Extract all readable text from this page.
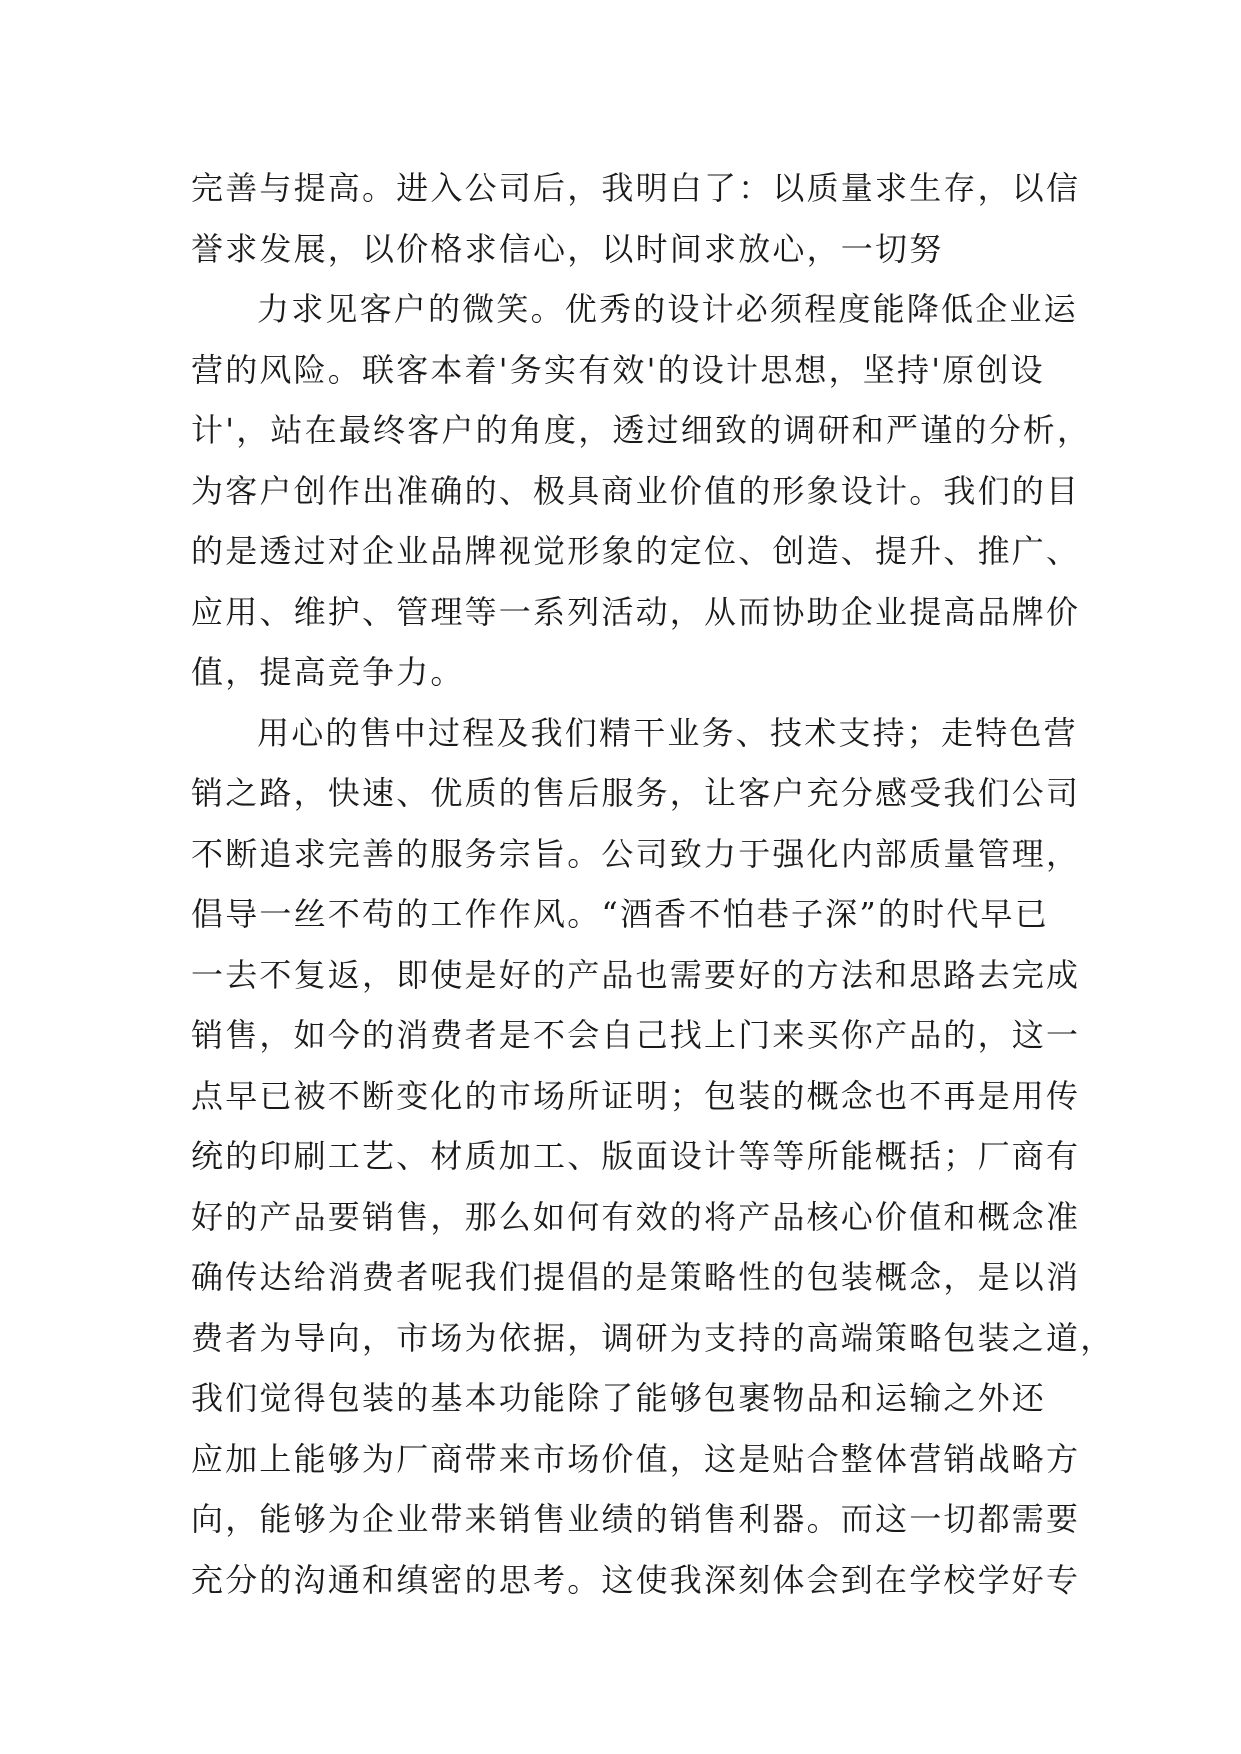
完善与提高。进入公司后，我明白了：以质量求生存，以信
誉求发展，以价格求信心，以时间求放心，一切努
力求见客户的微笑。优秀的设计必须程度能降低企业运
营的风险。联客本着'务实有效'的设计思想，坚持'原创设
计'，站在最终客户的角度，透过细致的调研和严谨的分析，
为客户创作出准确的、极具商业价值的形象设计。我们的目
的是透过对企业品牌视觉形象的定位、创造、提升、推广、
应用、维护、管理等一系列活动，从而协助企业提高品牌价
值，提高竞争力。
用心的售中过程及我们精干业务、技术支持；走特色营
销之路，快速、优质的售后服务，让客户充分感受我们公司
不断追求完善的服务宗旨。公司致力于强化内部质量管理，
倡导一丝不苟的工作作风。“酒香不怕巷子深”的时代早已
一去不复返，即使是好的产品也需要好的方法和思路去完成
销售，如今的消费者是不会自己找上门来买你产品的，这一
点早已被不断变化的市场所证明；包装的概念也不再是用传
统的印刷工艺、材质加工、版面设计等等所能概括；厂商有
好的产品要销售，那么如何有效的将产品核心价值和概念准
确传达给消费者呢我们提倡的是策略性的包装概念，是以消
费者为导向，市场为依据，调研为支持的高端策略包装之道，
我们觉得包装的基本功能除了能够包裹物品和运输之外还
应加上能够为厂商带来市场价值，这是贴合整体营销战略方
向，能够为企业带来销售业绩的销售利器。而这一切都需要
充分的沟通和缜密的思考。这使我深刻体会到在学校学好专
